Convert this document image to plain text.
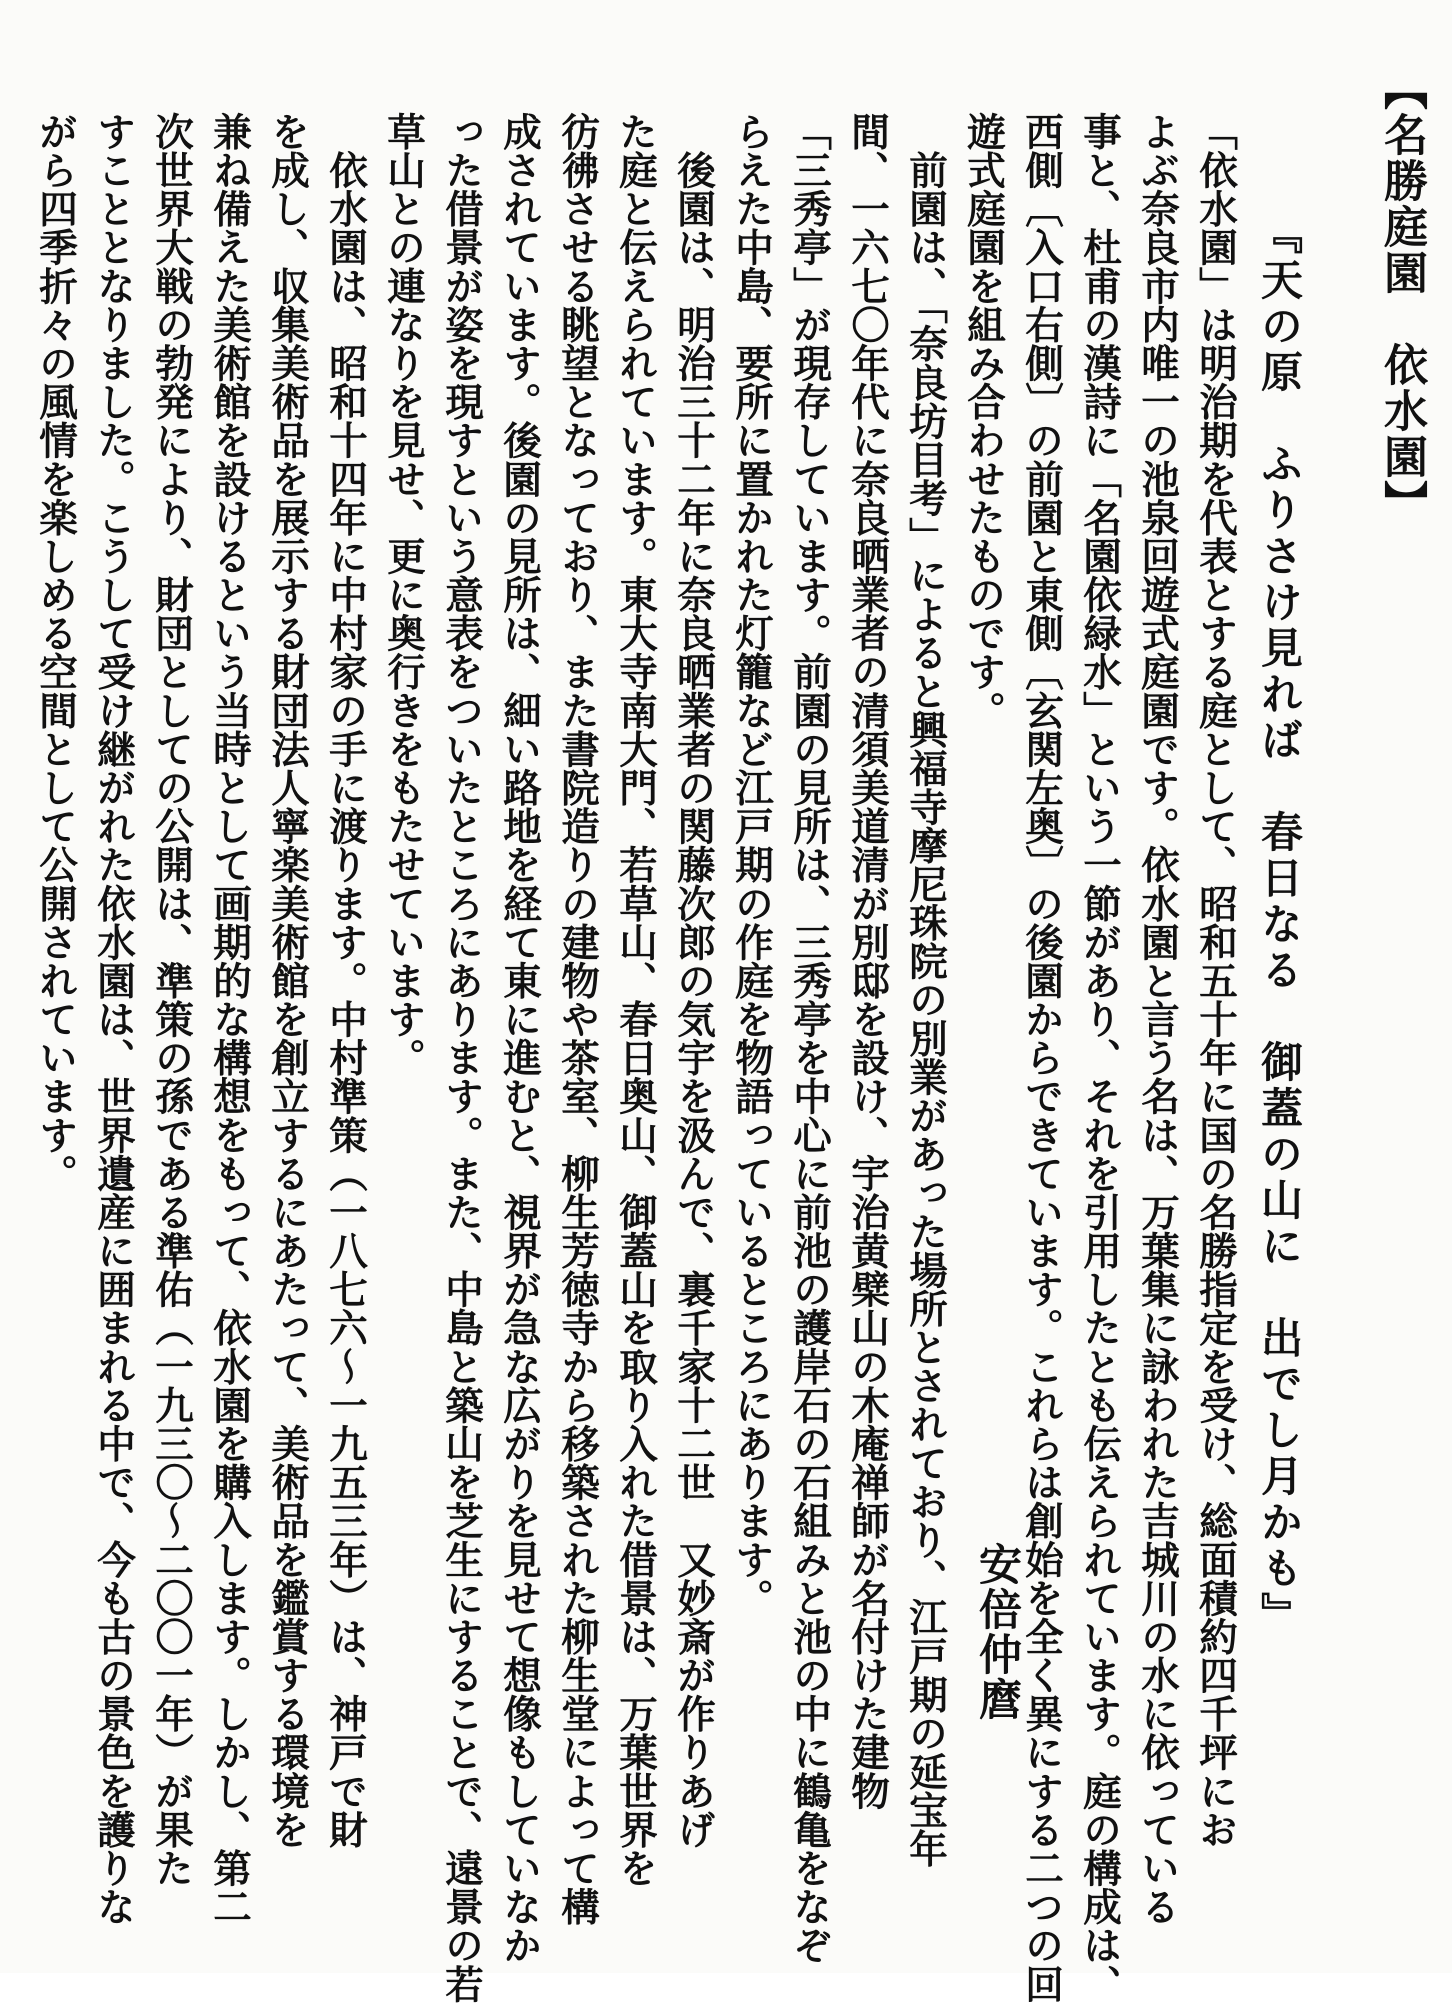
【名勝庭園　依水園】
『天の原　ふりさけ見れば　春日なる　御蓋の山に　出でし月かも』
安倍仲麿	「依水園」は明治期を代表とする庭として、昭和五十年に国の名勝指定を受け、総面積約四千坪にお
よぶ奈良市内唯一の池泉回遊式庭園です。依水園と言う名は、万葉集に詠われた吉城川の水に依っている
事と、杜甫の漢詩に「名園依緑水」という一節があり、それを引用したとも伝えられています。庭の構成は、
西側〔入口右側〕の前園と東側〔玄関左奥〕の後園からできています。これらは創始を全く異にする二つの回
遊式庭園を組み合わせたものです。
　前園は、「奈良坊目考」によると興福寺摩尼珠院の別業があった場所とされており、江戸期の延宝年
間、一六七〇年代に奈良晒業者の清須美道清が別邸を設け、宇治黄檗山の木庵禅師が名付けた建物
「三秀亭」が現存しています。前園の見所は、三秀亭を中心に前池の護岸石の石組みと池の中に鶴亀をなぞ
らえた中島、要所に置かれた灯籠など江戸期の作庭を物語っているところにあります。
　後園は、明治三十二年に奈良晒業者の関藤次郎の気宇を汲んで、裏千家十二世　又妙斎が作りあげ
た庭と伝えられています。東大寺南大門、若草山、春日奥山、御蓋山を取り入れた借景は、万葉世界を
彷彿させる眺望となっており、また書院造りの建物や茶室、柳生芳徳寺から移築された柳生堂によって構
成されています。後園の見所は、細い路地を経て東に進むと、視界が急な広がりを見せて想像もしていなか
った借景が姿を現すという意表をついたところにあります。また、中島と築山を芝生にすることで、遠景の若
草山との連なりを見せ、更に奥行きをもたせています。
　依水園は、昭和十四年に中村家の手に渡ります。中村準策（一八七六〜一九五三年）は、神戸で財
を成し、収集美術品を展示する財団法人寧楽美術館を創立するにあたって、美術品を鑑賞する環境を
兼ね備えた美術館を設けるという当時として画期的な構想をもって、依水園を購入します。しかし、第二
次世界大戦の勃発により、財団としての公開は、準策の孫である準佑（一九三〇〜二〇〇一年）が果た
すこととなりました。こうして受け継がれた依水園は、世界遺産に囲まれる中で、今も古の景色を護りな
がら四季折々の風情を楽しめる空間として公開されています。
